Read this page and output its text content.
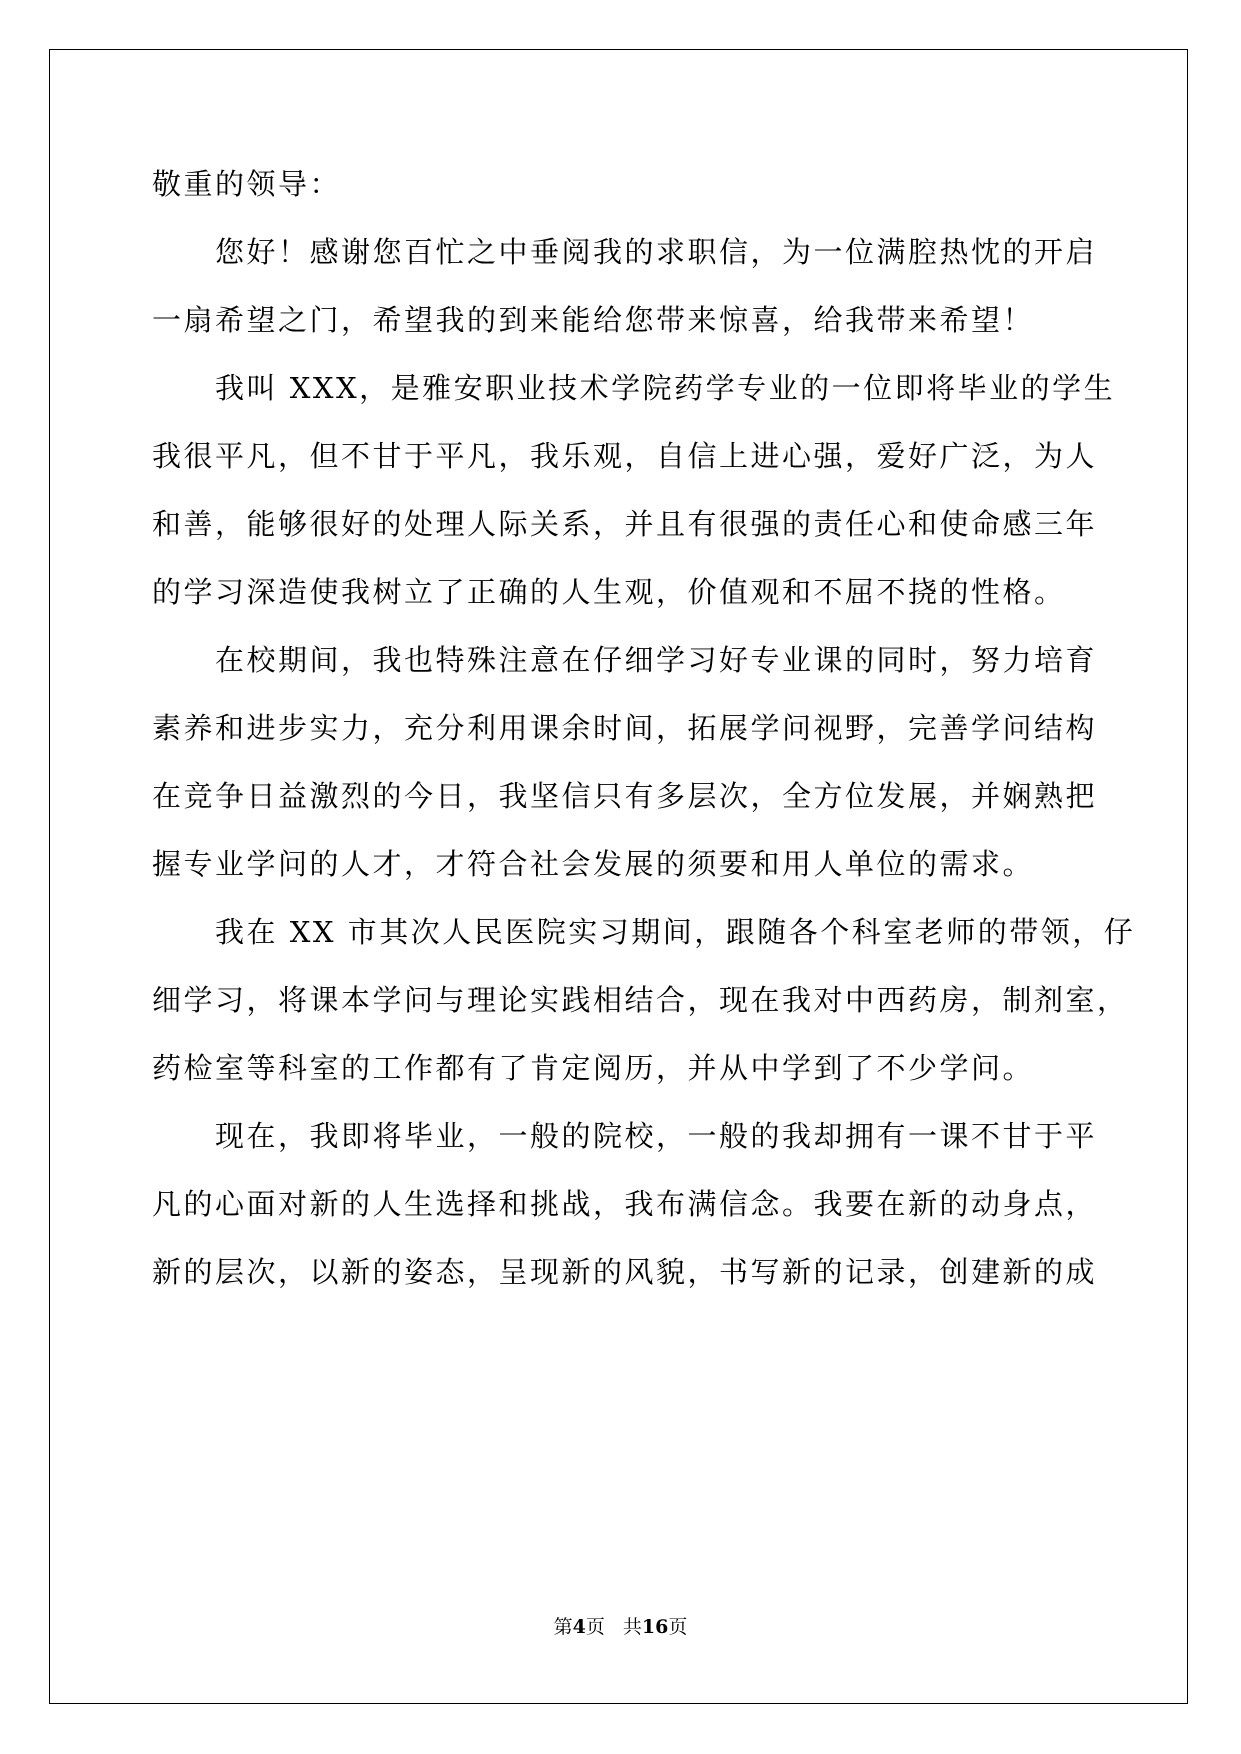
敬重的领导：
　　您好！感谢您百忙之中垂阅我的求职信，为一位满腔热忱的开启
一扇希望之门，希望我的到来能给您带来惊喜，给我带来希望！
　　我叫 XXX，是雅安职业技术学院药学专业的一位即将毕业的学生
我很平凡，但不甘于平凡，我乐观，自信上进心强，爱好广泛，为人
和善，能够很好的处理人际关系，并且有很强的责任心和使命感三年
的学习深造使我树立了正确的人生观，价值观和不屈不挠的性格。
　　在校期间，我也特殊注意在仔细学习好专业课的同时，努力培育
素养和进步实力，充分利用课余时间，拓展学问视野，完善学问结构
在竞争日益激烈的今日，我坚信只有多层次，全方位发展，并娴熟把
握专业学问的人才，才符合社会发展的须要和用人单位的需求。
　　我在 XX 市其次人民医院实习期间，跟随各个科室老师的带领，仔
细学习，将课本学问与理论实践相结合，现在我对中西药房，制剂室，
药检室等科室的工作都有了肯定阅历，并从中学到了不少学问。
　　现在，我即将毕业，一般的院校，一般的我却拥有一课不甘于平
凡的心面对新的人生选择和挑战，我布满信念。我要在新的动身点，
新的层次，以新的姿态，呈现新的风貌，书写新的记录，创建新的成
第4页 共16页
